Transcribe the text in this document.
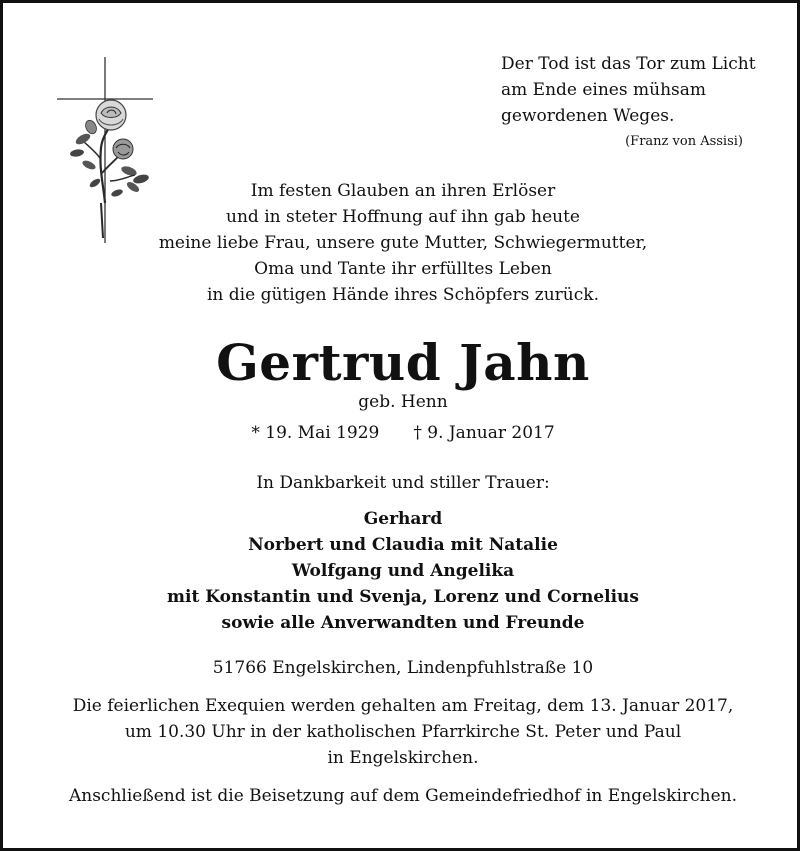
Der Tod ist das Tor zum Licht
am Ende eines mühsam
gewordenen Weges.
(Franz von Assisi)
Im festen Glauben an ihren Erlöser
und in steter Hoffnung auf ihn gab heute
meine liebe Frau, unsere gute Mutter, Schwiegermutter,
Oma und Tante ihr erfülltes Leben
in die gütigen Hände ihres Schöpfers zurück.
Gertrud Jahn
geb. Henn
* 19. Mai 1929 † 9. Januar 2017
In Dankbarkeit und stiller Trauer:
Gerhard
Norbert und Claudia mit Natalie
Wolfgang und Angelika
mit Konstantin und Svenja, Lorenz und Cornelius
sowie alle Anverwandten und Freunde
51766 Engelskirchen, Lindenpfuhlstraße 10
Die feierlichen Exequien werden gehalten am Freitag, dem 13. Januar 2017,
um 10.30 Uhr in der katholischen Pfarrkirche St. Peter und Paul
in Engelskirchen.
Anschließend ist die Beisetzung auf dem Gemeindefriedhof in Engelskirchen.
